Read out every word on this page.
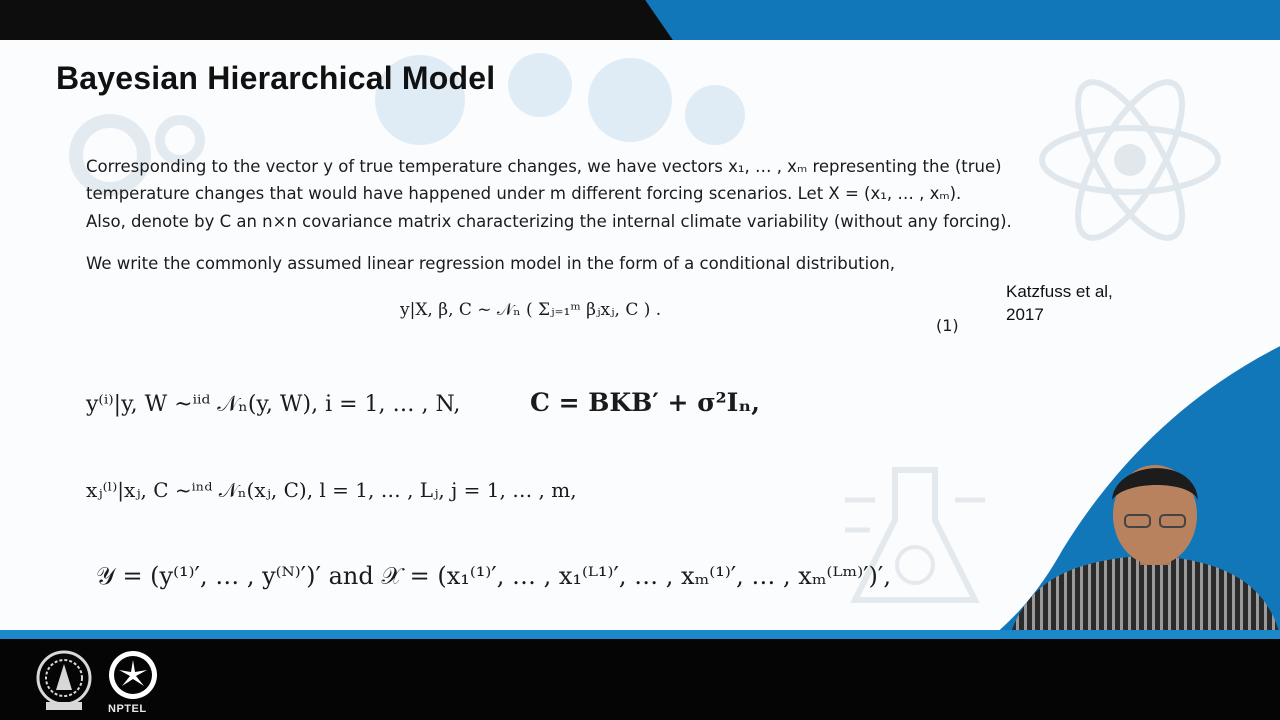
Bayesian Hierarchical Model
Corresponding to the vector y of true temperature changes, we have vectors x₁, … , xₘ representing the (true)
temperature changes that would have happened under m different forcing scenarios. Let X = (x₁, … , xₘ).
Also, denote by C an n×n covariance matrix characterizing the internal climate variability (without any forcing).
We write the commonly assumed linear regression model in the form of a conditional distribution,
y|X, β, C ~ 𝒩ₙ ( Σⱼ₌₁ᵐ βⱼxⱼ, C ) .
(1)
y⁽ⁱ⁾|y, W ~ⁱⁱᵈ 𝒩ₙ(y, W), i = 1, … , N,	C = BKB′ + σ²Iₙ,
xⱼ⁽ˡ⁾|xⱼ, C ~ⁱⁿᵈ 𝒩ₙ(xⱼ, C), l = 1, … , Lⱼ, j = 1, … , m,
𝒴 = (y⁽¹⁾′, … , y⁽ᴺ⁾′)′ and 𝒳 = (x₁⁽¹⁾′, … , x₁⁽ᴸ¹⁾′, … , xₘ⁽¹⁾′, … , xₘ⁽ᴸᵐ⁾′)′,
Katzfuss et al,
2017
NPTEL
